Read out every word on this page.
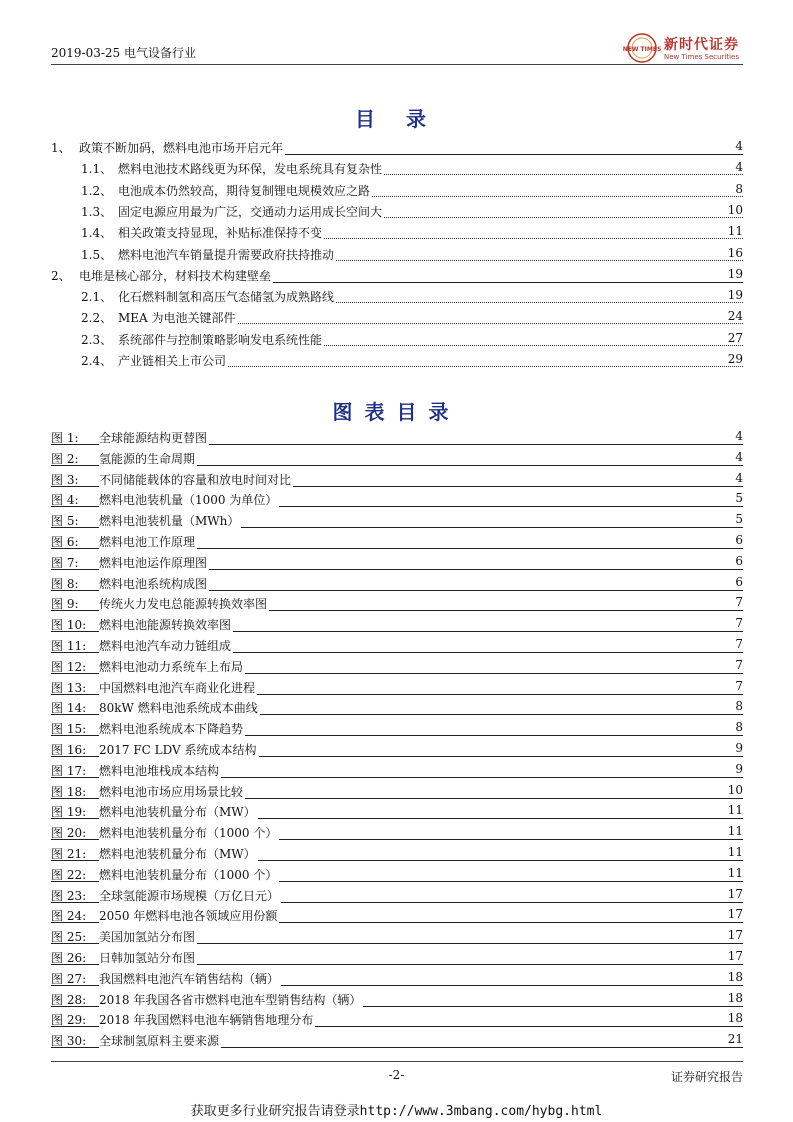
2019-03-25 电气设备行业	NEW TIMES 新时代证券
New Times Securities
目 录
1、 政策不断加码，燃料电池市场开启元年	4
1.1、 燃料电池技术路线更为环保，发电系统具有复杂性	4
1.2、 电池成本仍然较高，期待复制锂电规模效应之路	8
1.3、 固定电源应用最为广泛，交通动力运用成长空间大	10
1.4、 相关政策支持显现，补贴标准保持不变	11
1.5、 燃料电池汽车销量提升需要政府扶持推动	16
2、 电堆是核心部分，材料技术构建壁垒	19
2.1、 化石燃料制氢和高压气态储氢为成熟路线	19
2.2、 MEA 为电池关键部件	24
2.3、 系统部件与控制策略影响发电系统性能	27
2.4、 产业链相关上市公司	29
图表目录
图 1: 全球能源结构更替图	4
图 2: 氢能源的生命周期	4
图 3: 不同储能载体的容量和放电时间对比	4
图 4: 燃料电池装机量（1000 为单位）	5
图 5: 燃料电池装机量（MWh）	5
图 6: 燃料电池工作原理	6
图 7: 燃料电池运作原理图	6
图 8: 燃料电池系统构成图	6
图 9: 传统火力发电总能源转换效率图	7
图 10: 燃料电池能源转换效率图	7
图 11: 燃料电池汽车动力链组成	7
图 12: 燃料电池动力系统车上布局	7
图 13: 中国燃料电池汽车商业化进程	7
图 14: 80kW 燃料电池系统成本曲线	8
图 15: 燃料电池系统成本下降趋势	8
图 16: 2017 FC LDV 系统成本结构	9
图 17: 燃料电池堆栈成本结构	9
图 18: 燃料电池市场应用场景比较	10
图 19: 燃料电池装机量分布（MW）	11
图 20: 燃料电池装机量分布（1000 个）	11
图 21: 燃料电池装机量分布（MW）	11
图 22: 燃料电池装机量分布（1000 个）	11
图 23: 全球氢能源市场规模（万亿日元）	17
图 24: 2050 年燃料电池各领域应用份额	17
图 25: 美国加氢站分布图	17
图 26: 日韩加氢站分布图	17
图 27: 我国燃料电池汽车销售结构（辆）	18
图 28: 2018 年我国各省市燃料电池车型销售结构（辆）	18
图 29: 2018 年我国燃料电池车辆销售地理分布	18
图 30: 全球制氢原料主要来源	21
-2-	证券研究报告
获取更多行业研究报告请登录http://www.3mbang.com/hybg.html
